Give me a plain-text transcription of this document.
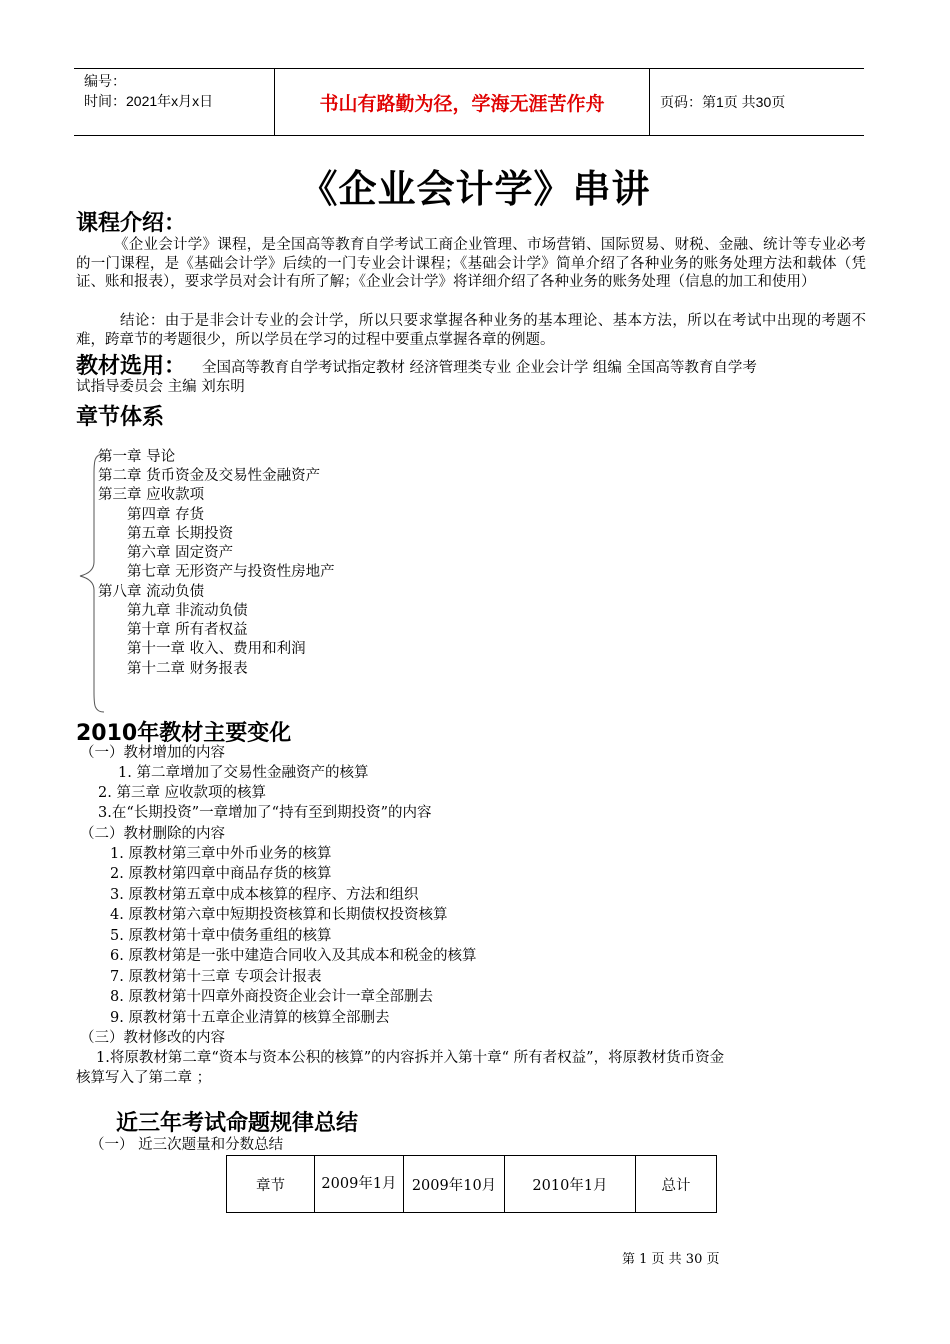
编号：
时间：2021年x月x日	书山有路勤为径，学海无涯苦作舟	页码：第1页 共30页
《企业会计学》串讲
课程介绍：

《企业会计学》课程，是全国高等教育自学考试工商企业管理、市场营销、国际贸易、财税、金融、统计等专业必考的一门课程，是《基础会计学》后续的一门专业会计课程；《基础会计学》简单介绍了各种业务的账务处理方法和载体（凭证、账和报表），要求学员对会计有所了解；《企业会计学》将详细介绍了各种业务的账务处理（信息的加工和使用）

结论：由于是非会计专业的会计学，所以只要求掌握各种业务的基本理论、基本方法，所以在考试中出现的考题不难，跨章节的考题很少，所以学员在学习的过程中要重点掌握各章的例题。

教材选用： 全国高等教育自学考试指定教材 经济管理类专业 企业会计学 组编 全国高等教育自学考
试指导委员会 主编 刘东明
章节体系
第一章 导论
第二章 货币资金及交易性金融资产
第三章 应收款项
第四章 存货
第五章 长期投资
第六章 固定资产
第七章 无形资产与投资性房地产
第八章 流动负债
第九章 非流动负债
第十章 所有者权益
第十一章 收入、费用和利润
第十二章 财务报表
2010年教材主要变化
（一）教材增加的内容
1. 第二章增加了交易性金融资产的核算
2. 第三章 应收款项的核算
3.在“长期投资”一章增加了“持有至到期投资”的内容
（二）教材删除的内容
1. 原教材第三章中外币业务的核算
2. 原教材第四章中商品存货的核算
3. 原教材第五章中成本核算的程序、方法和组织
4. 原教材第六章中短期投资核算和长期债权投资核算
5. 原教材第十章中债务重组的核算
6. 原教材第是一张中建造合同收入及其成本和税金的核算
7. 原教材第十三章 专项会计报表
8. 原教材第十四章外商投资企业会计一章全部删去
9. 原教材第十五章企业清算的核算全部删去
（三）教材修改的内容
1.将原教材第二章“资本与资本公积的核算”的内容拆并入第十章“ 所有者权益”，将原教材货币资金
核算写入了第二章 ；
近三年考试命题规律总结
（一） 近三次题量和分数总结
章节	2009年1月	2009年10月	2010年1月	总计
第 1 页 共 30 页
